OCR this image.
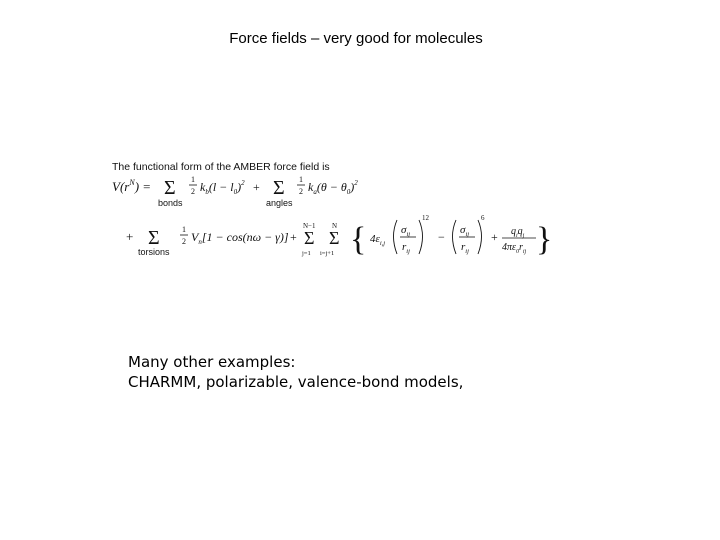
Force fields – very good for molecules
The functional form of the AMBER force field is
$V(r^N) = \Sigma$
bonds
1
2 $k_b(l - l_0)^2 + \Sigma$
angles
1
2 $k_a(\theta - \theta_0)^2$
+ Σ
torsions
1
2 $V_n[1 - \cos(n\omega - \gamma)]$ +
N−1
Σ
j=1
N
Σ
i=j+1 { $4\varepsilon_{i,j}$
$\sigma_{ij}$
$r_{ij}$
12
− $\sigma_{ij}$
$r_{ij}$
6
+ $q_iq_j$
$4\pi\varepsilon_0r_{ij}$ }
Many other examples:
CHARMM, polarizable, valence-bond models,
